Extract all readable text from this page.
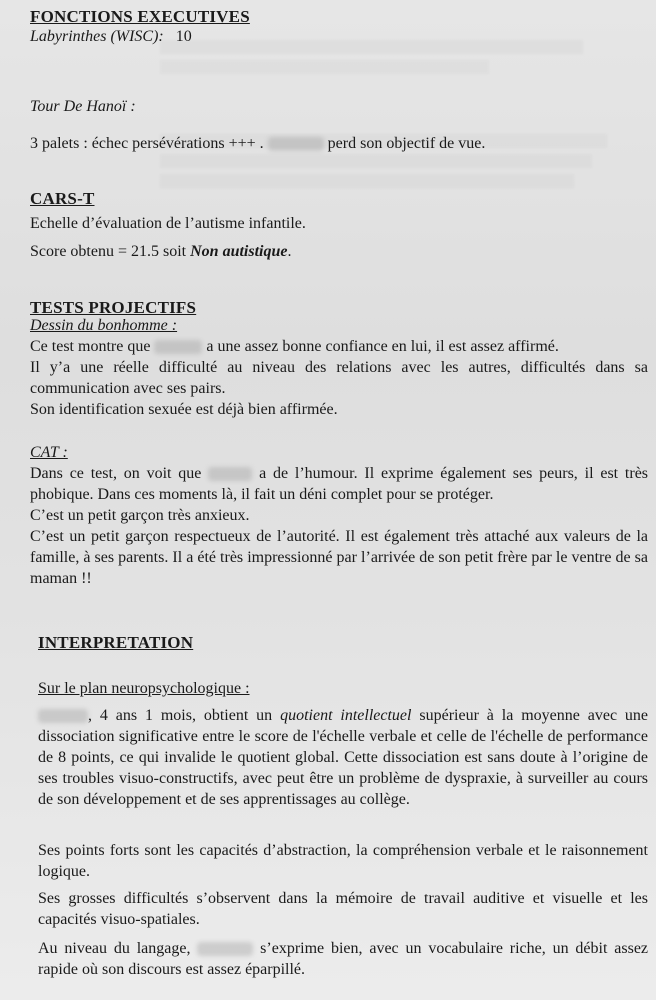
FONCTIONS EXECUTIVES
Labyrinthes (WISC): 10
Tour De Hanoï :
3 palets : échec persévérations +++ .	perd son objectif de vue.
CARS-T
Echelle d’évaluation de l’autisme infantile.
Score obtenu = 21.5 soit Non autistique.
TESTS PROJECTIFS
Dessin du bonhomme :
Ce test montre que	a une assez bonne confiance en lui, il est assez affirmé.
Il y’a une réelle difficulté au niveau des relations avec les autres, difficultés dans sa communication avec ses pairs.
Son identification sexuée est déjà bien affirmée.
CAT :
Dans ce test, on voit que	a de l’humour. Il exprime également ses peurs, il est très phobique. Dans ces moments là, il fait un déni complet pour se protéger.
C’est un petit garçon très anxieux.
C’est un petit garçon respectueux de l’autorité. Il est également très attaché aux valeurs de la famille, à ses parents. Il a été très impressionné par l’arrivée de son petit frère par le ventre de sa maman !!
INTERPRETATION
Sur le plan neuropsychologique :
, 4 ans 1 mois, obtient un quotient intellectuel supérieur à la moyenne avec une dissociation significative entre le score de l'échelle verbale et celle de l'échelle de performance de 8 points, ce qui invalide le quotient global. Cette dissociation est sans doute à l’origine de ses troubles visuo-constructifs, avec peut être un problème de dyspraxie, à surveiller au cours de son développement et de ses apprentissages au collège.
Ses points forts sont les capacités d’abstraction, la compréhension verbale et le raisonnement logique.
Ses grosses difficultés s’observent dans la mémoire de travail auditive et visuelle et les capacités visuo-spatiales.
Au niveau du langage,	s’exprime bien, avec un vocabulaire riche, un débit assez rapide où son discours est assez éparpillé.
